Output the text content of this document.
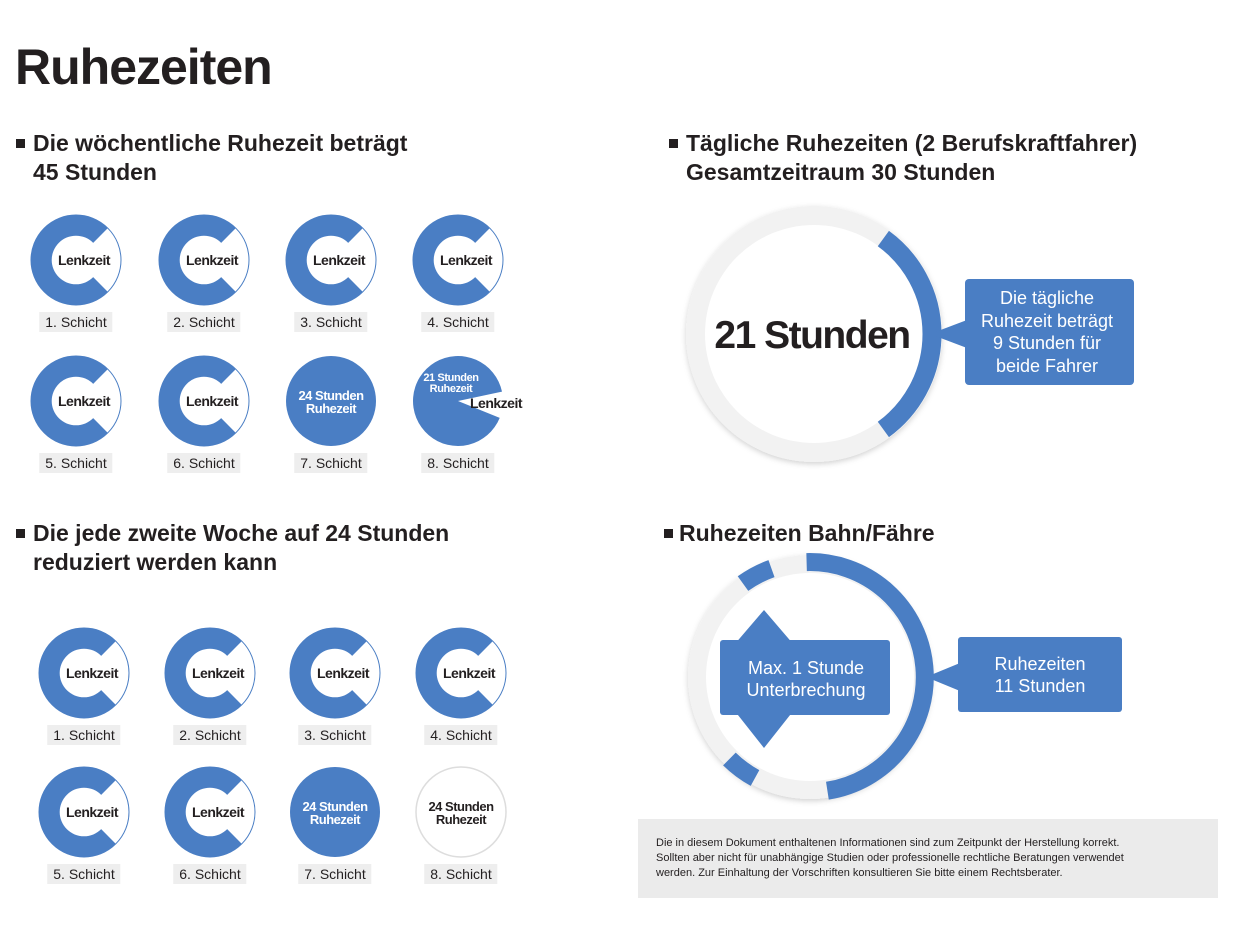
Ruhezeiten
Die wöchentliche Ruhezeit beträgt
45 Stunden
Lenkzeit
1. Schicht
Lenkzeit
2. Schicht
Lenkzeit
3. Schicht
Lenkzeit
4. Schicht
Lenkzeit
5. Schicht
Lenkzeit
6. Schicht
24 Stunden
Ruhezeit
7. Schicht
21 Stunden
Ruhezeit
Lenkzeit
8. Schicht
Die jede zweite Woche auf 24 Stunden
reduziert werden kann
Lenkzeit
1. Schicht
Lenkzeit
2. Schicht
Lenkzeit
3. Schicht
Lenkzeit
4. Schicht
Lenkzeit
5. Schicht
Lenkzeit
6. Schicht
24 Stunden
Ruhezeit
7. Schicht
24 Stunden
Ruhezeit
8. Schicht
Tägliche Ruhezeiten (2 Berufskraftfahrer)
Gesamtzeitraum 30 Stunden
21 Stunden
Die tägliche
Ruhezeit beträgt
9 Stunden für
beide Fahrer
Ruhezeiten Bahn/Fähre
Max. 1 Stunde
Unterbrechung
Ruhezeiten
11 Stunden
Die in diesem Dokument enthaltenen Informationen sind zum Zeitpunkt der Herstellung korrekt.
Sollten aber nicht für unabhängige Studien oder professionelle rechtliche Beratungen verwendet
werden. Zur Einhaltung der Vorschriften konsultieren Sie bitte einem Rechtsberater.
